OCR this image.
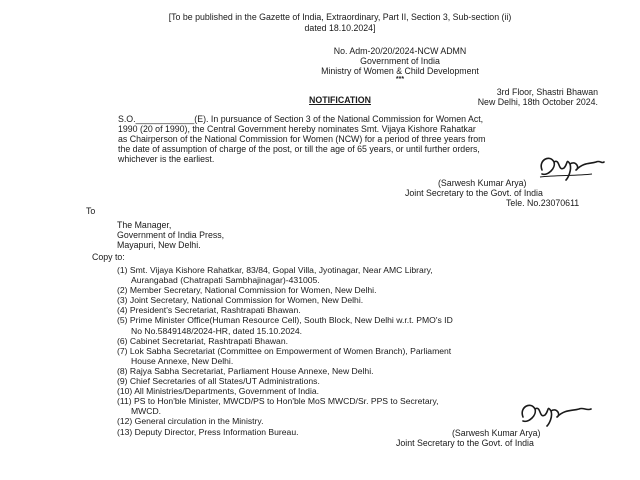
[To be published in the Gazette of India, Extraordinary, Part II, Section 3, Sub-section (ii)
dated 18.10.2024]
No. Adm-20/20/2024-NCW ADMN
Government of India
Ministry of Women & Child Development
***
3rd Floor, Shastri Bhawan
New Delhi, 18th October 2024.
NOTIFICATION
S.O.____________(E). In pursuance of Section 3 of the National Commission for Women Act,
1990 (20 of 1990), the Central Government hereby nominates Smt. Vijaya Kishore Rahatkar
as Chairperson of the National Commission for Women (NCW) for a period of three years from
the date of assumption of charge of the post, or till the age of 65 years, or until further orders,
whichever is the earliest.
(Sarwesh Kumar Arya)
Joint Secretary to the Govt. of India
Tele. No.23070611
To
The Manager,
Government of India Press,
Mayapuri, New Delhi.
Copy to:
(1) Smt. Vijaya Kishore Rahatkar, 83/84, Gopal Villa, Jyotinagar, Near AMC Library,
Aurangabad (Chatrapati Sambhajinagar)-431005.
(2) Member Secretary, National Commission for Women, New Delhi.
(3) Joint Secretary, National Commission for Women, New Delhi.
(4) President's Secretariat, Rashtrapati Bhawan.
(5) Prime Minister Office(Human Resource Cell), South Block, New Delhi w.r.t. PMO's ID
No No.5849148/2024-HR, dated 15.10.2024.
(6) Cabinet Secretariat, Rashtrapati Bhawan.
(7) Lok Sabha Secretariat (Committee on Empowerment of Women Branch), Parliament
House Annexe, New Delhi.
(8) Rajya Sabha Secretariat, Parliament House Annexe, New Delhi.
(9) Chief Secretaries of all States/UT Administrations.
(10) All Ministries/Departments, Government of India.
(11) PS to Hon'ble Minister, MWCD/PS to Hon'ble MoS MWCD/Sr. PPS to Secretary,
MWCD.
(12) General circulation in the Ministry.
(13) Deputy Director, Press Information Bureau.	(Sarwesh Kumar Arya)
Joint Secretary to the Govt. of India
